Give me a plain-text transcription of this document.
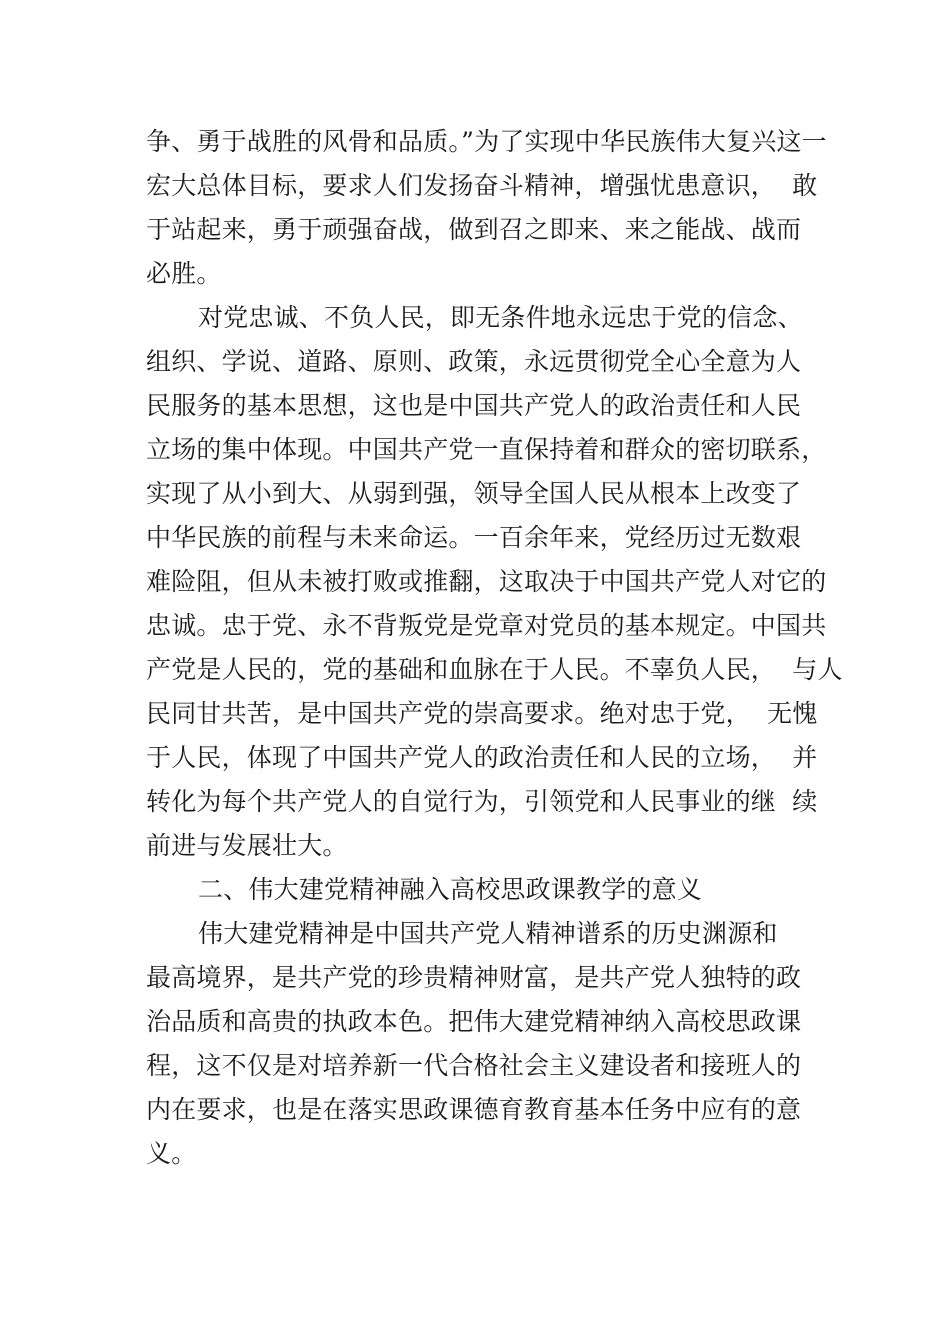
争、勇于战胜的风骨和品质。”为了实现中华民族伟大复兴这一
宏大总体目标，要求人们发扬奋斗精神，增强忧患意识，  敢
于站起来，勇于顽强奋战，做到召之即来、来之能战、战而
必胜。
对党忠诚、不负人民，即无条件地永远忠于党的信念、
组织、学说、道路、原则、政策，永远贯彻党全心全意为人
民服务的基本思想，这也是中国共产党人的政治责任和人民
立场的集中体现。中国共产党一直保持着和群众的密切联系，
实现了从小到大、从弱到强，领导全国人民从根本上改变了
中华民族的前程与未来命运。一百余年来，党经历过无数艰
难险阻，但从未被打败或推翻，这取决于中国共产党人对它的
忠诚。忠于党、永不背叛党是党章对党员的基本规定。中国共
产党是人民的，党的基础和血脉在于人民。不辜负人民，  与人
民同甘共苦，是中国共产党的崇高要求。绝对忠于党，  无愧
于人民，体现了中国共产党人的政治责任和人民的立场，  并
转化为每个共产党人的自觉行为，引领党和人民事业的继  续
前进与发展壮大。
二、伟大建党精神融入高校思政课教学的意义
伟大建党精神是中国共产党人精神谱系的历史渊源和
最高境界，是共产党的珍贵精神财富，是共产党人独特的政
治品质和高贵的执政本色。把伟大建党精神纳入高校思政课
程，这不仅是对培养新一代合格社会主义建设者和接班人的
内在要求，也是在落实思政课德育教育基本任务中应有的意
义。
